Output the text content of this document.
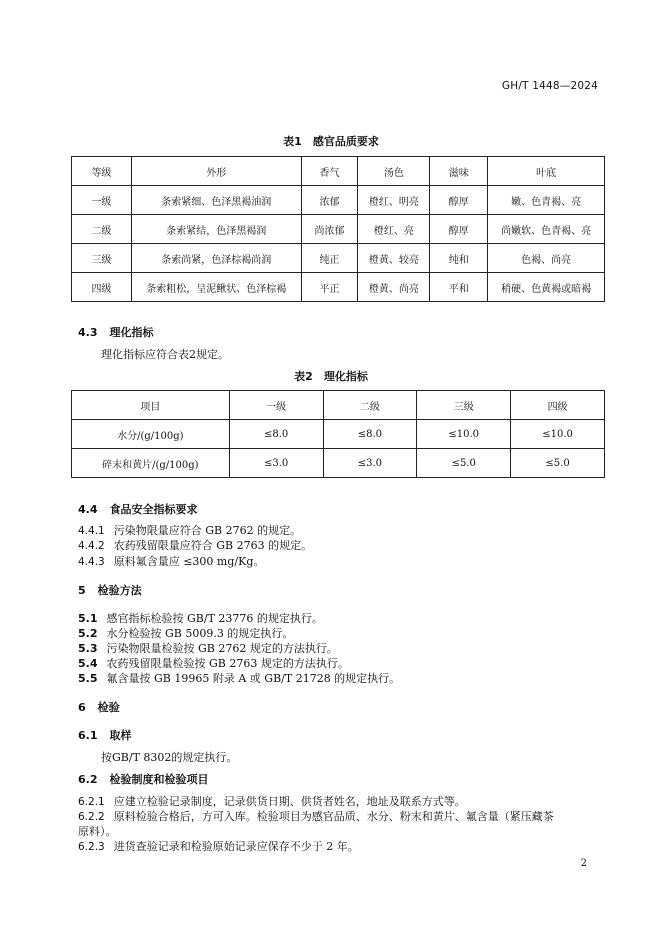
GH/T 1448—2024
表1　感官品质要求
等级	外形	香气	汤色	滋味	叶底
一级	条索紧细、色泽黑褐油润	浓郁	橙红、明亮	醇厚	嫩、色青褐、亮
二级	条索紧结，色泽黑褐润	尚浓郁	橙红、亮	醇厚	尚嫩软、色青褐、亮
三级	条索尚紧，色泽棕褐尚润	纯正	橙黄、较亮	纯和	色褐、尚亮
四级	条索粗松，呈泥鳅状、色泽棕褐	平正	橙黄、尚亮	平和	稍硬、色黄褐或暗褐
4.3 理化指标
理化指标应符合表2规定。
表2　理化指标
项目	一级	二级	三级	四级
水分/(g/100g)	≤8.0	≤8.0	≤10.0	≤10.0
碎末和黄片/(g/100g)	≤3.0	≤3.0	≤5.0	≤5.0
4.4 食品安全指标要求
4.4.1 污染物限量应符合 GB 2762 的规定。
4.4.2 农药残留限量应符合 GB 2763 的规定。
4.4.3 原料氟含量应 ≤300 mg/Kg。
5 检验方法
5.1 感官指标检验按 GB/T 23776 的规定执行。
5.2 水分检验按 GB 5009.3 的规定执行。
5.3 污染物限量检验按 GB 2762 规定的方法执行。
5.4 农药残留限量检验按 GB 2763 规定的方法执行。
5.5 氟含量按 GB 19965 附录 A 或 GB/T 21728 的规定执行。
6 检验
6.1 取样
按GB/T 8302的规定执行。
6.2 检验制度和检验项目
6.2.1 应建立检验记录制度，记录供货日期、供货者姓名，地址及联系方式等。
6.2.2 原料检验合格后，方可入库。检验项目为感官品质、水分、粉末和黄片、氟含量（紧压藏茶
原料）。
6.2.3 进货查验记录和检验原始记录应保存不少于 2 年。
2
